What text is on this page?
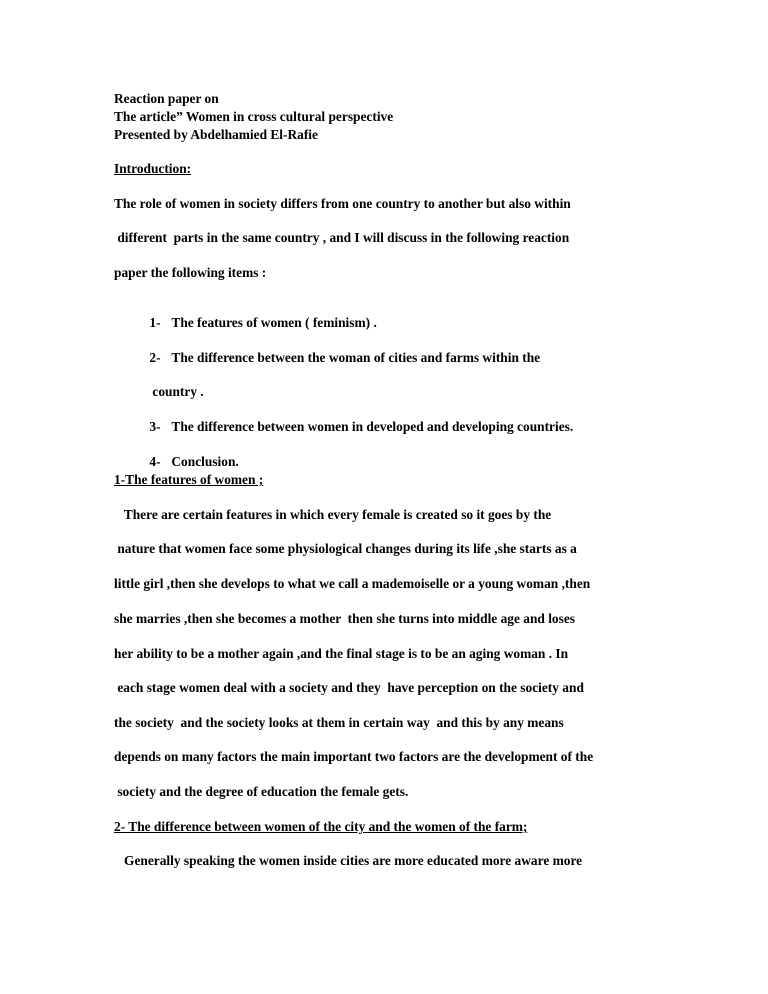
Reaction paper on
The article” Women in cross cultural perspective
Presented by Abdelhamied El-Rafie
Introduction:
The role of women in society differs from one country to another but also within
different  parts in the same country , and I will discuss in the following reaction
paper the following items :

1- The features of women ( feminism) .

2- The difference between the woman of cities and farms within the

country .

3- The difference between women in developed and developing countries.

4- Conclusion.

1-The features of women ;
There are certain features in which every female is created so it goes by the
nature that women face some physiological changes during its life ,she starts as a
little girl ,then she develops to what we call a mademoiselle or a young woman ,then
she marries ,then she becomes a mother  then she turns into middle age and loses
her ability to be a mother again ,and the final stage is to be an aging woman . In
each stage women deal with a society and they  have perception on the society and
the society  and the society looks at them in certain way  and this by any means
depends on many factors the main important two factors are the development of the
society and the degree of education the female gets.
2- The difference between women of the city and the women of the farm;
Generally speaking the women inside cities are more educated more aware more
